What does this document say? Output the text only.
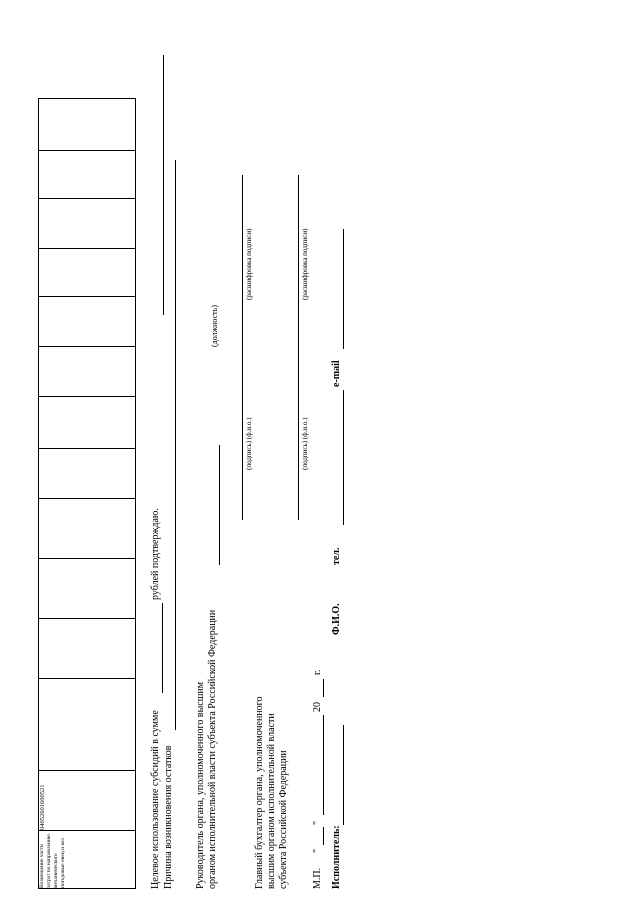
Возмещение части затрат по направлению механического погодовые овец и коз	04052601600521													Целевое использование субсидий в сумме
рублей подтверждаю.
Причина возникновения остатков Руководитель органа, уполномоченного высшим органом исполнительной власти субъекта Российской Федерации
(должность)
(подпись) (ф.и.о.)
(расшифровка подписи)
Главный бухгалтер органа, уполномоченного высшим органом исполнительной власти субъекта Российской Федерации
(подпись) (ф.и.о.)
(расшифровка подписи)
М.П.
"
"
20
г.
Исполнитель:
Ф.И.О.
тел.
e-mail
